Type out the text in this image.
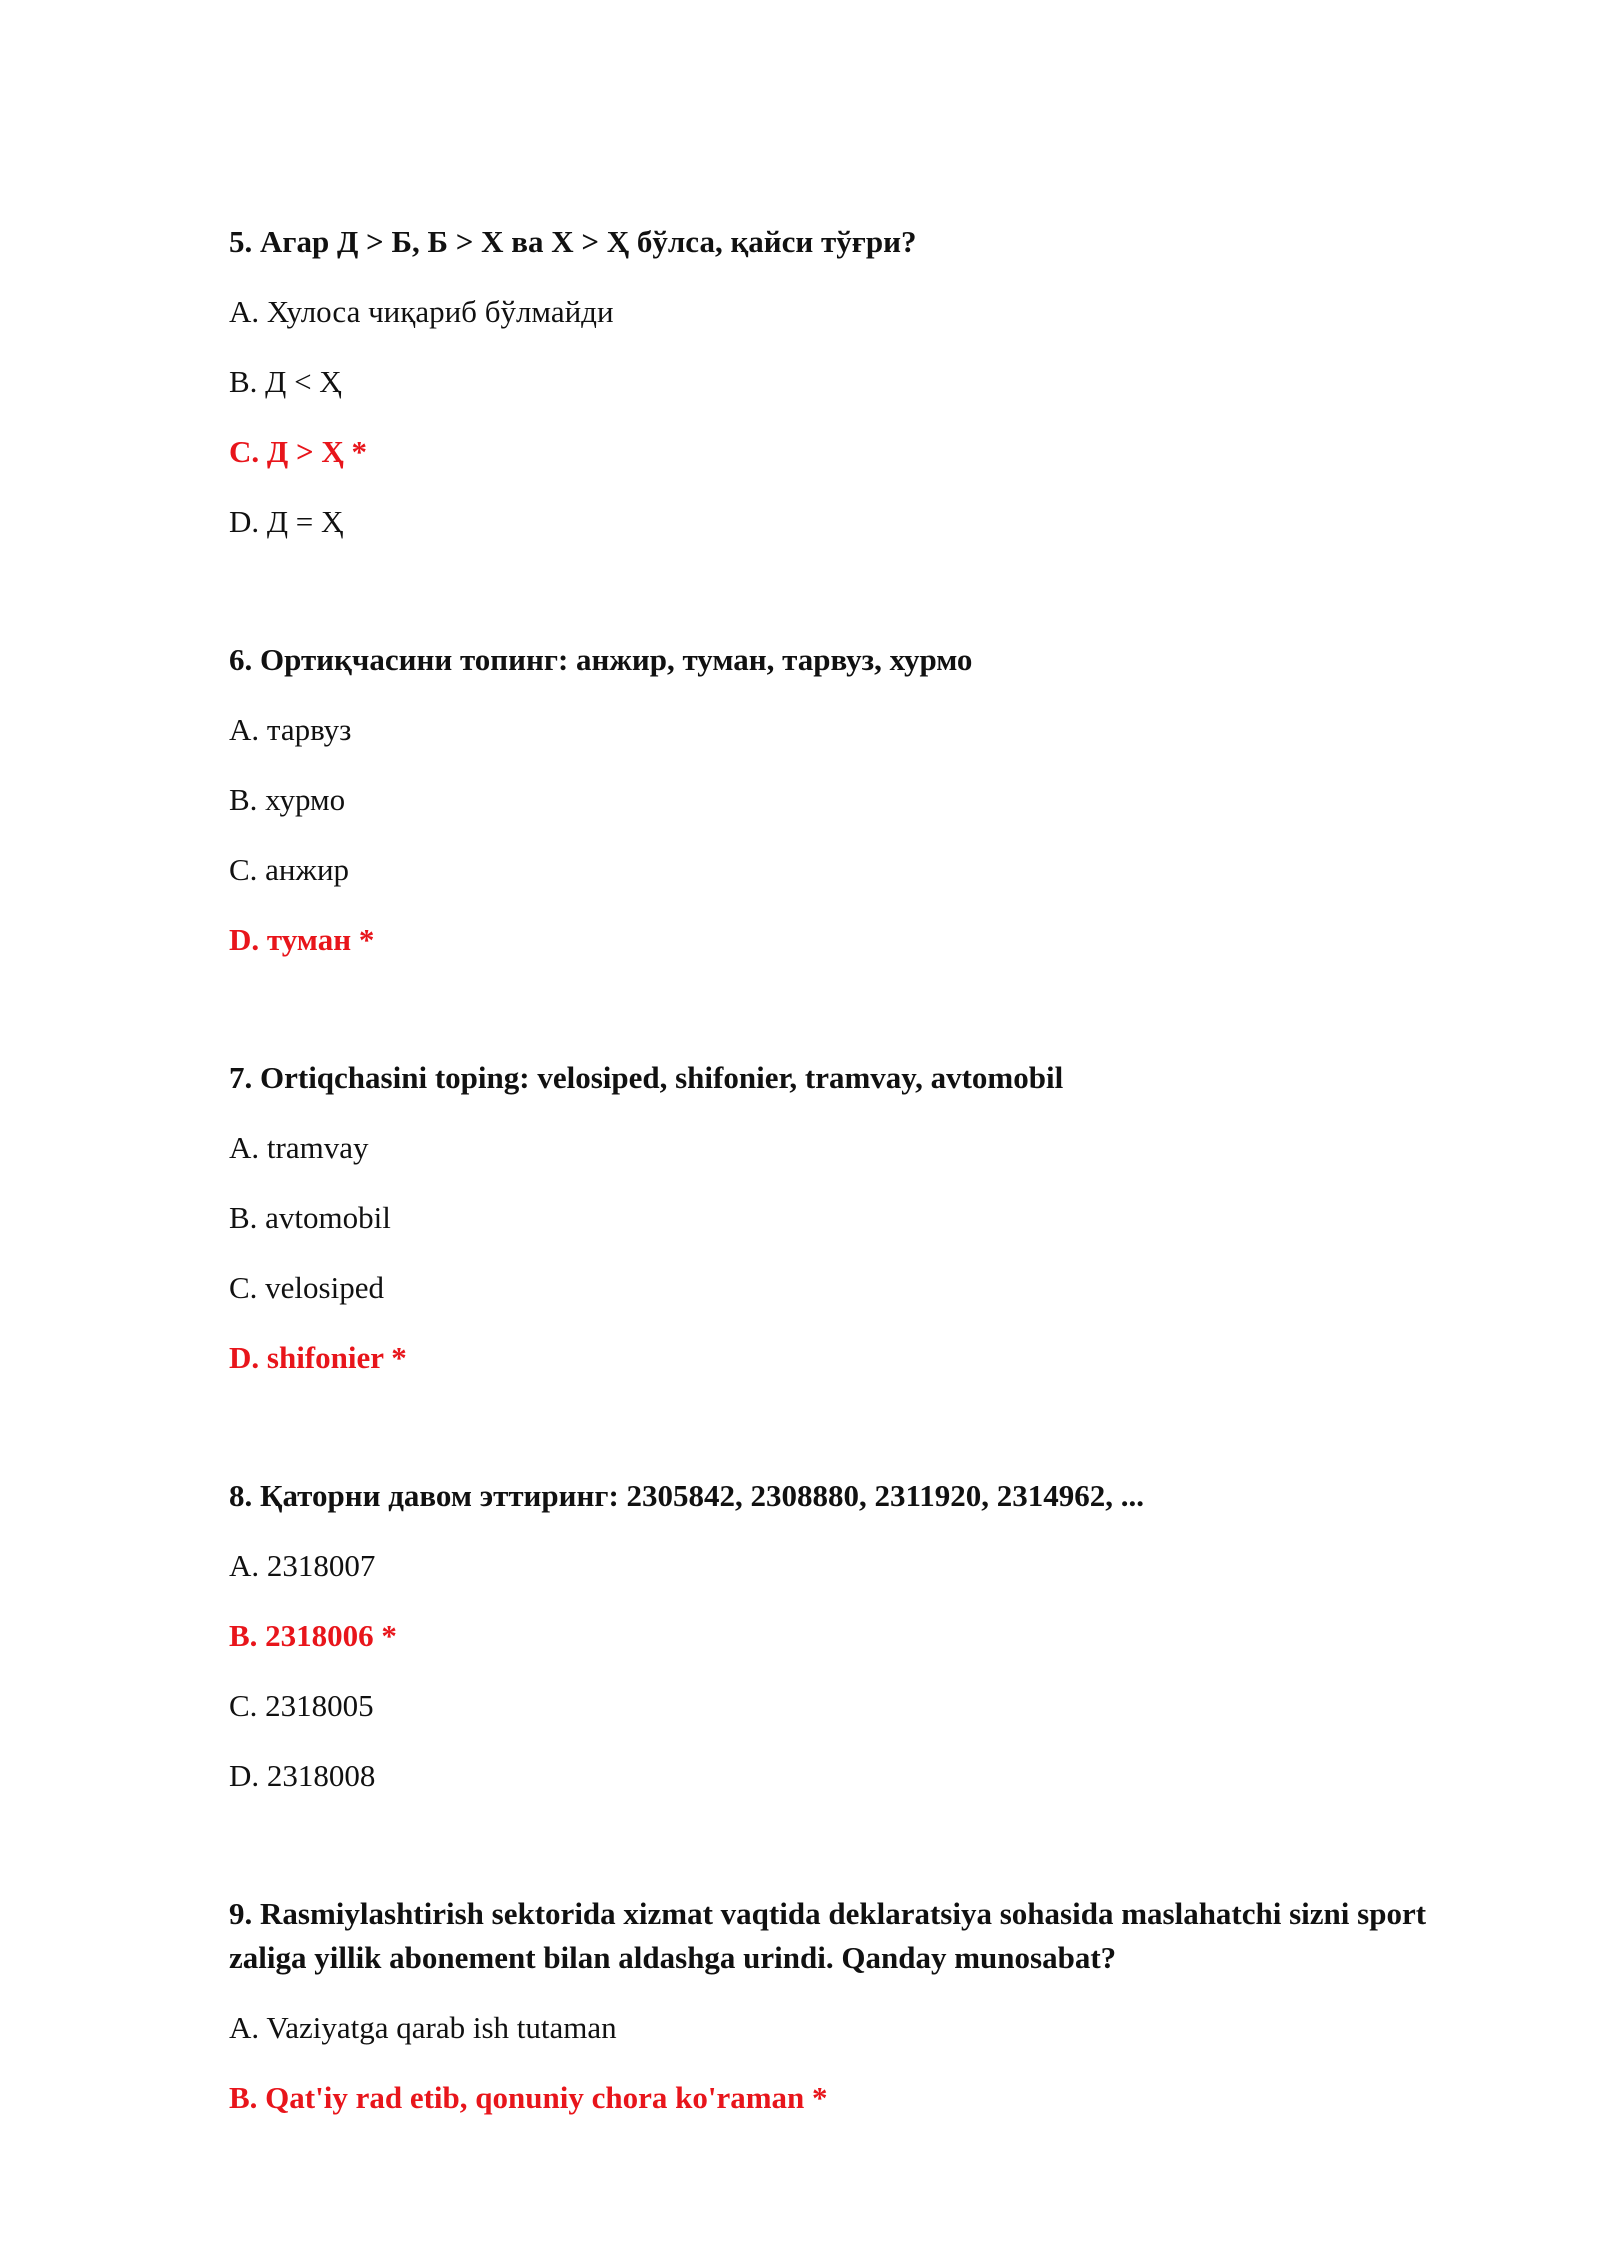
5. Агар Д > Б, Б > Х ва Х > Ҳ бўлса, қайси тўғри?

A. Хулоса чиқариб бўлмайди

B. Д < Ҳ

C. Д > Ҳ *

D. Д = Ҳ

6. Ортиқчасини топинг: анжир, туман, тарвуз, хурмо

A. тарвуз

B. хурмо

C. анжир

D. туман *

7. Ortiqchasini toping: velosiped, shifonier, tramvay, avtomobil

A. tramvay

B. avtomobil

C. velosiped

D. shifonier *

8. Қаторни давом эттиринг: 2305842, 2308880, 2311920, 2314962, ...

A. 2318007

B. 2318006 *

C. 2318005

D. 2318008

9. Rasmiylashtirish sektorida xizmat vaqtida deklaratsiya sohasida maslahatchi sizni sport zaliga yillik abonement bilan aldashga urindi. Qanday munosabat?

A. Vaziyatga qarab ish tutaman

B. Qat'iy rad etib, qonuniy chora ko'raman *
